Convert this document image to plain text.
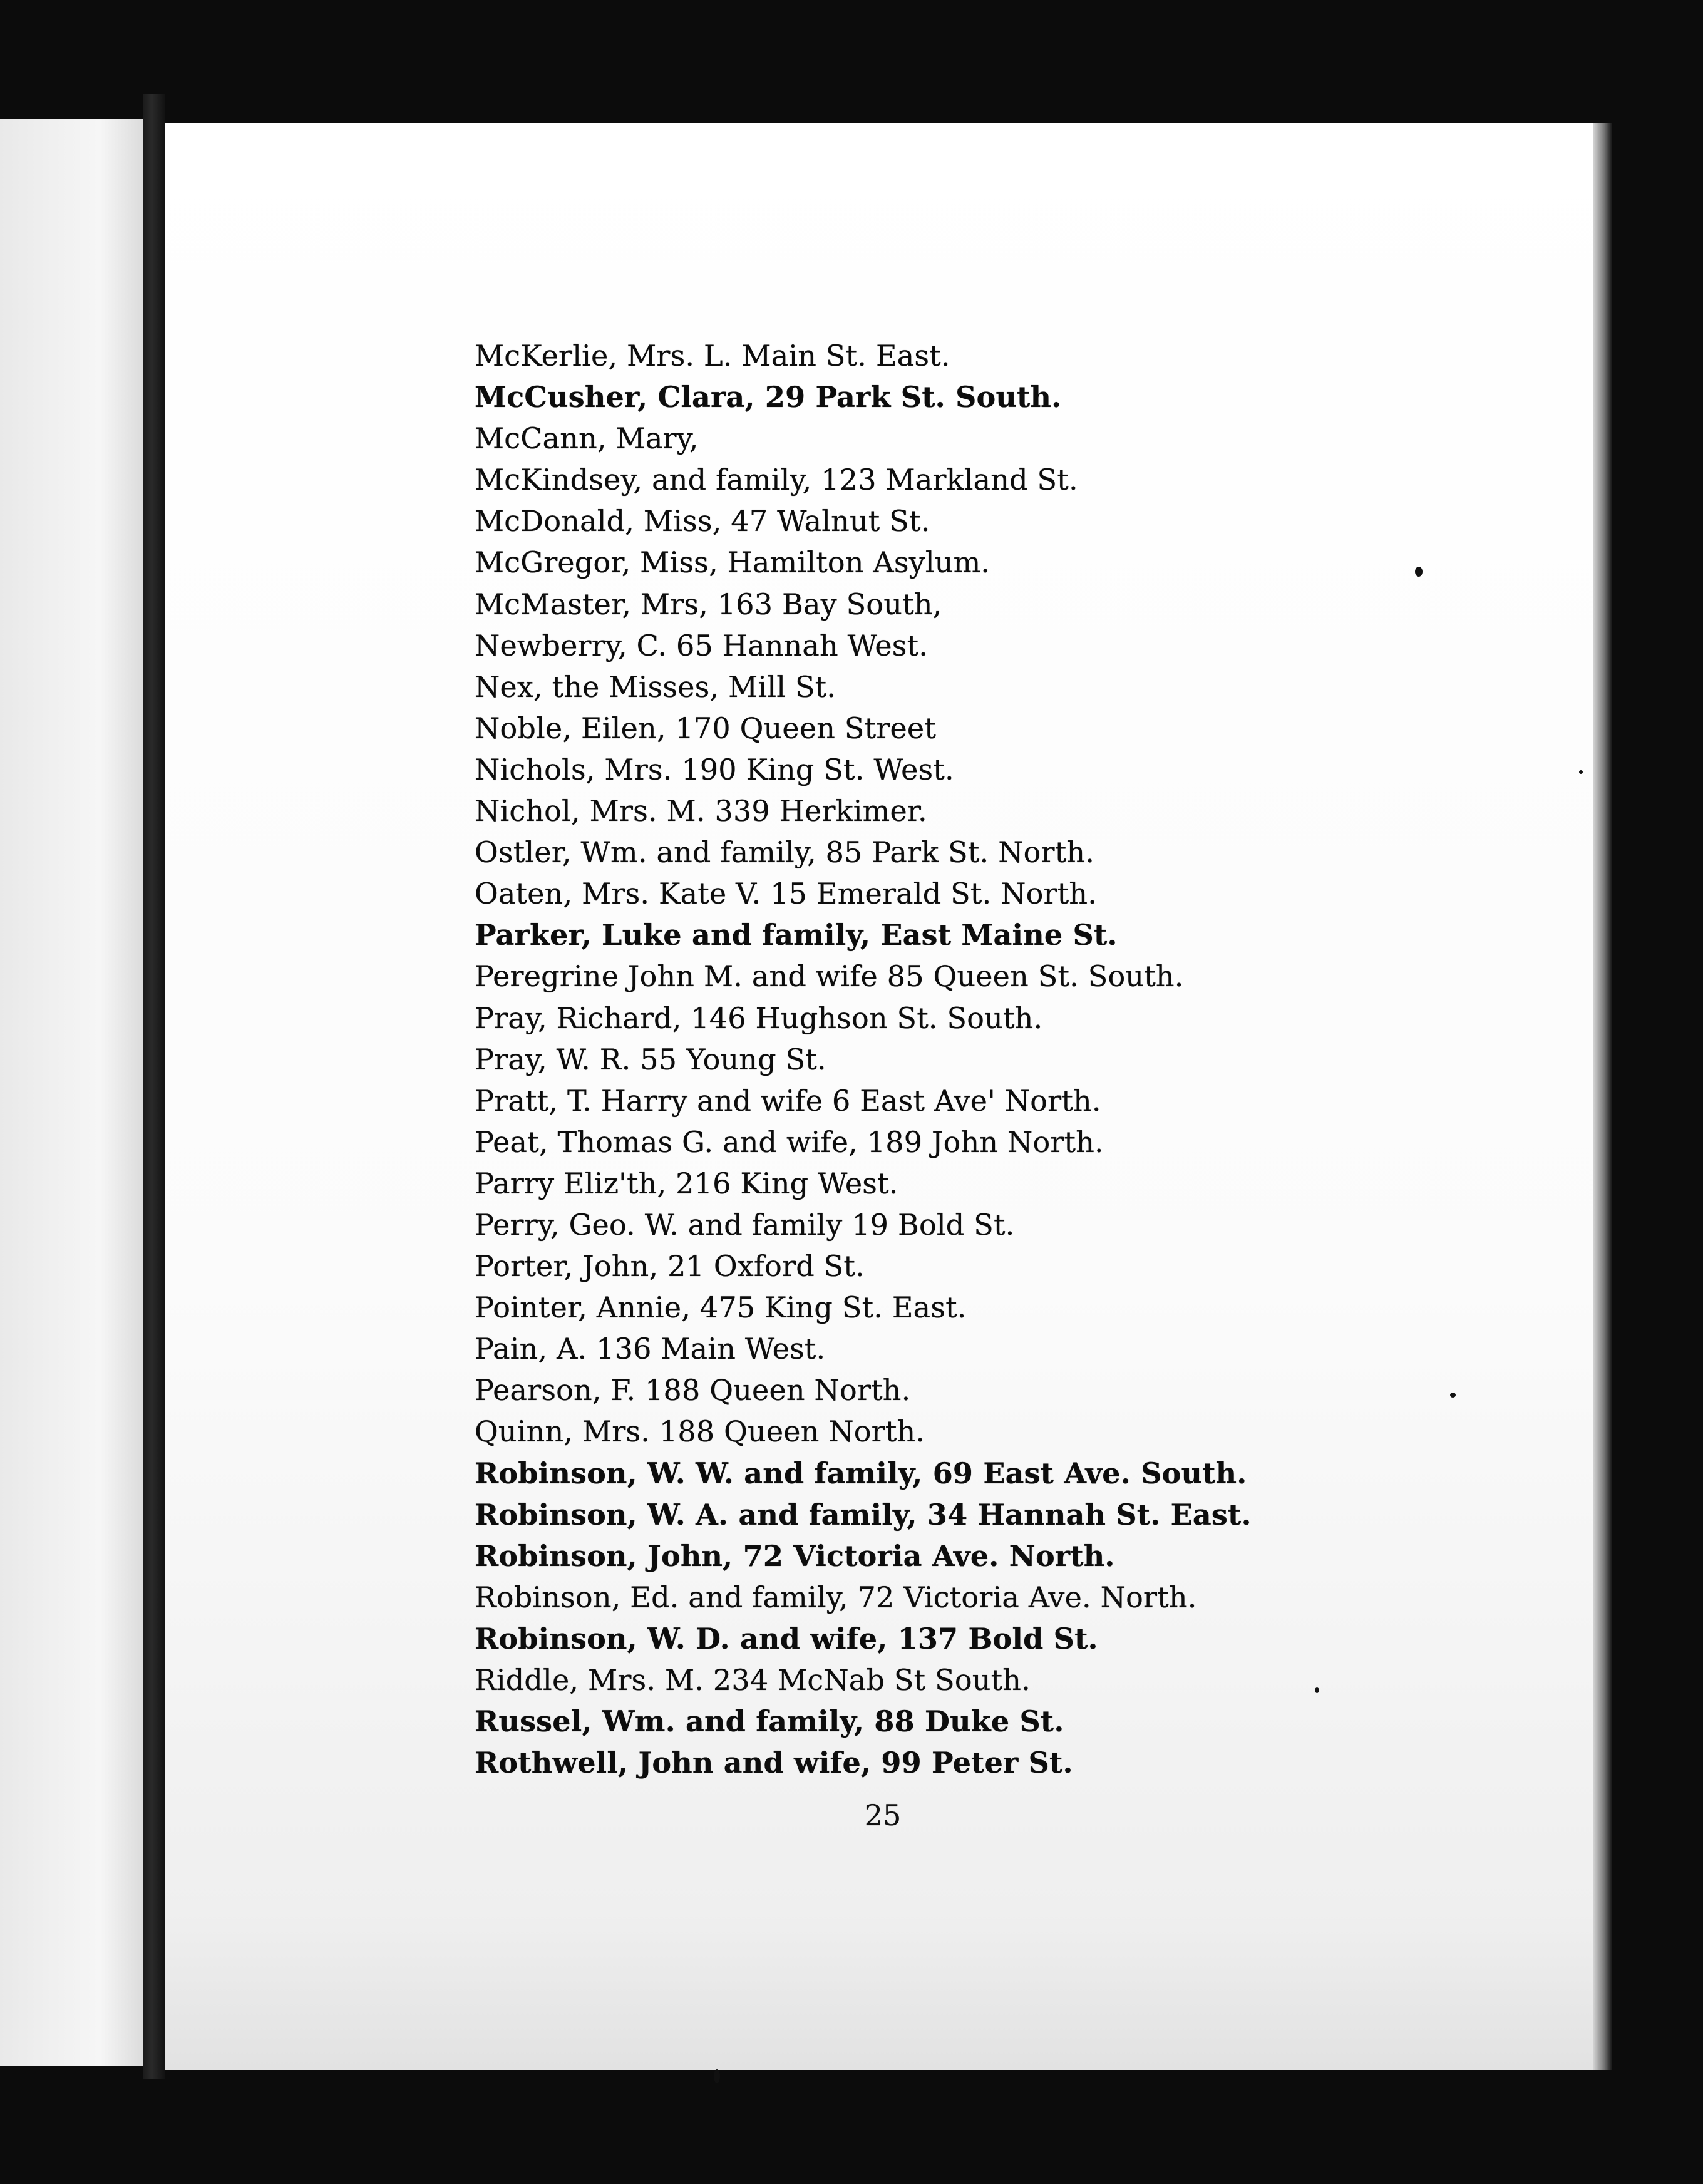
McKerlie, Mrs. L. Main St. East.
McCusher, Clara, 29 Park St. South.
McCann, Mary,
McKindsey, and family, 123 Markland St.
McDonald, Miss, 47 Walnut St.
McGregor, Miss, Hamilton Asylum.
McMaster, Mrs, 163 Bay South,
Newberry, C. 65 Hannah West.
Nex, the Misses, Mill St.
Noble, Eilen, 170 Queen Street
Nichols, Mrs. 190 King St. West.
Nichol, Mrs. M. 339 Herkimer.
Ostler, Wm. and family, 85 Park St. North.
Oaten, Mrs. Kate V. 15 Emerald St. North.
Parker, Luke and family, East Maine St.
Peregrine John M. and wife 85 Queen St. South.
Pray, Richard, 146 Hughson St. South.
Pray, W. R. 55 Young St.
Pratt, T. Harry and wife 6 East Ave' North.
Peat, Thomas G. and wife, 189 John North.
Parry Eliz'th, 216 King West.
Perry, Geo. W. and family 19 Bold St.
Porter, John, 21 Oxford St.
Pointer, Annie, 475 King St. East.
Pain, A. 136 Main West.
Pearson, F. 188 Queen North.
Quinn, Mrs. 188 Queen North.
Robinson, W. W. and family, 69 East Ave. South.
Robinson, W. A. and family, 34 Hannah St. East.
Robinson, John, 72 Victoria Ave. North.
Robinson, Ed. and family, 72 Victoria Ave. North.
Robinson, W. D. and wife, 137 Bold St.
Riddle, Mrs. M. 234 McNab St South.
Russel, Wm. and family, 88 Duke St.
Rothwell, John and wife, 99 Peter St.
25
